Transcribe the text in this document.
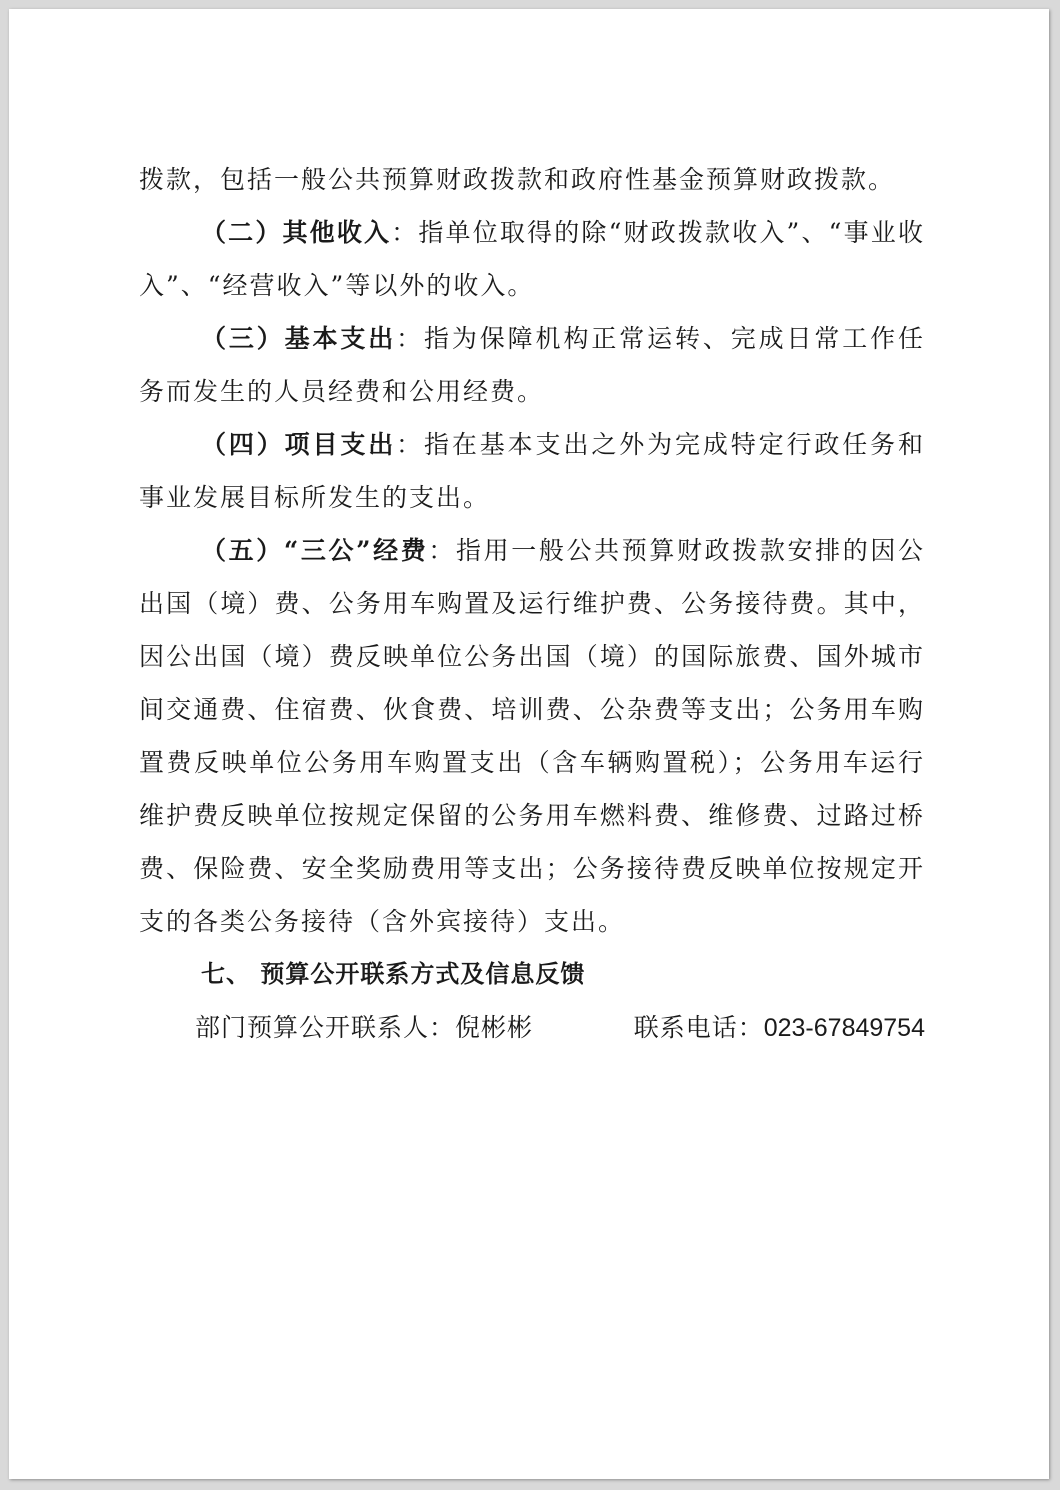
拨款，包括一般公共预算财政拨款和政府性基金预算财政拨款。

（二）其他收入：指单位取得的除“财政拨款收入”、“事业收入”、“经营收入”等以外的收入。

（三）基本支出：指为保障机构正常运转、完成日常工作任务而发生的人员经费和公用经费。

（四）项目支出：指在基本支出之外为完成特定行政任务和事业发展目标所发生的支出。

（五）“三公”经费：指用一般公共预算财政拨款安排的因公出国（境）费、公务用车购置及运行维护费、公务接待费。其中，因公出国（境）费反映单位公务出国（境）的国际旅费、国外城市间交通费、住宿费、伙食费、培训费、公杂费等支出；公务用车购置费反映单位公务用车购置支出（含车辆购置税）；公务用车运行维护费反映单位按规定保留的公务用车燃料费、维修费、过路过桥费、保险费、安全奖励费用等支出；公务接待费反映单位按规定开支的各类公务接待（含外宾接待）支出。

七、 预算公开联系方式及信息反馈

部门预算公开联系人：倪彬彬	联系电话：023-67849754
